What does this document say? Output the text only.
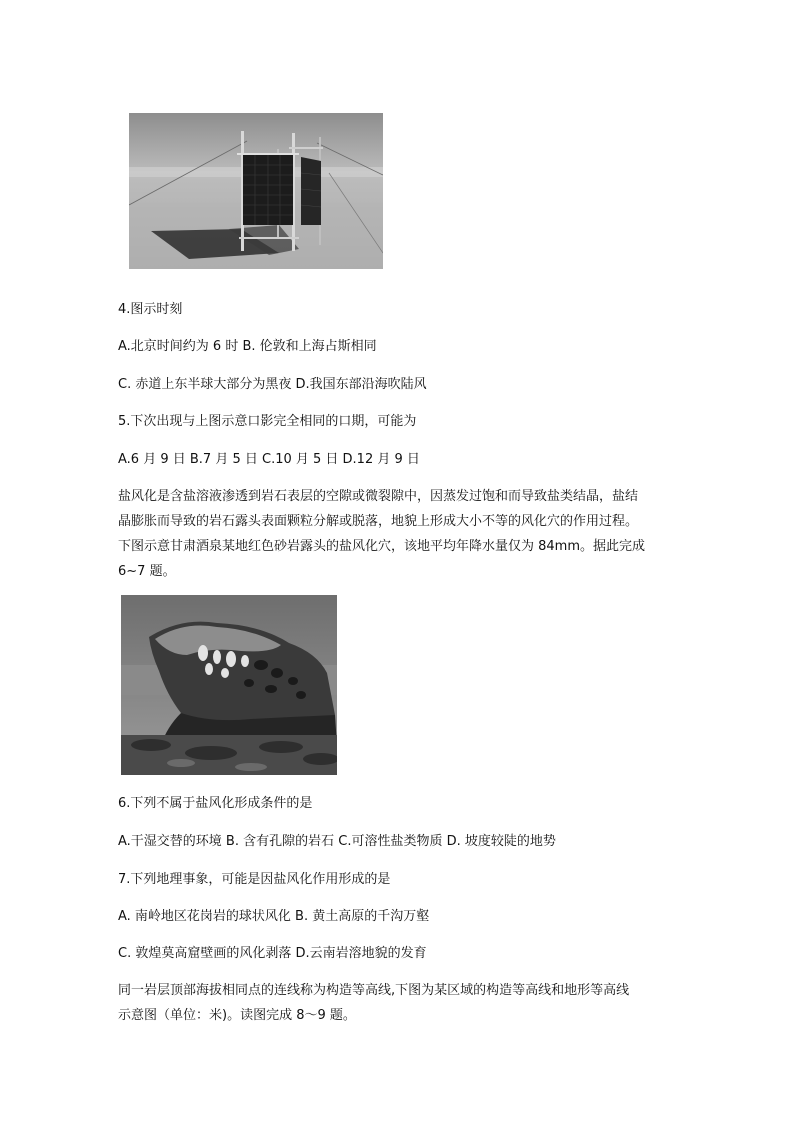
4.图示时刻
A.北京时间约为 6 时 B. 伦敦和上海占斯相同
C. 赤道上东半球大部分为黑夜 D.我国东部沿海吹陆风
5.下次出现与上图示意口影完全相同的口期，可能为
A.6 月 9 日 B.7 月 5 日 C.10 月 5 日 D.12 月 9 日
盐风化是含盐溶液渗透到岩石表层的空隙或微裂隙中，因蒸发过饱和而导致盐类结晶，盐结
晶膨胀而导致的岩石露头表面颗粒分解或脱落，地貌上形成大小不等的风化穴的作用过程。
下图示意甘肃酒泉某地红色砂岩露头的盐风化穴，该地平均年降水量仅为 84mm。据此完成
6~7 题。
6.下列不属于盐风化形成条件的是
A.干湿交替的环境 B. 含有孔隙的岩石 C.可溶性盐类物质 D. 坡度较陡的地势
7.下列地理事象，可能是因盐风化作用形成的是
A. 南岭地区花岗岩的球状风化 B. 黄土高原的千沟万壑
C. 敦煌莫高窟壁画的风化剥落 D.云南岩溶地貌的发育
同一岩层顶部海拔相同点的连线称为构造等高线,下图为某区域的构造等高线和地形等高线
示意图（单位：米)。读图完成 8～9 题。
